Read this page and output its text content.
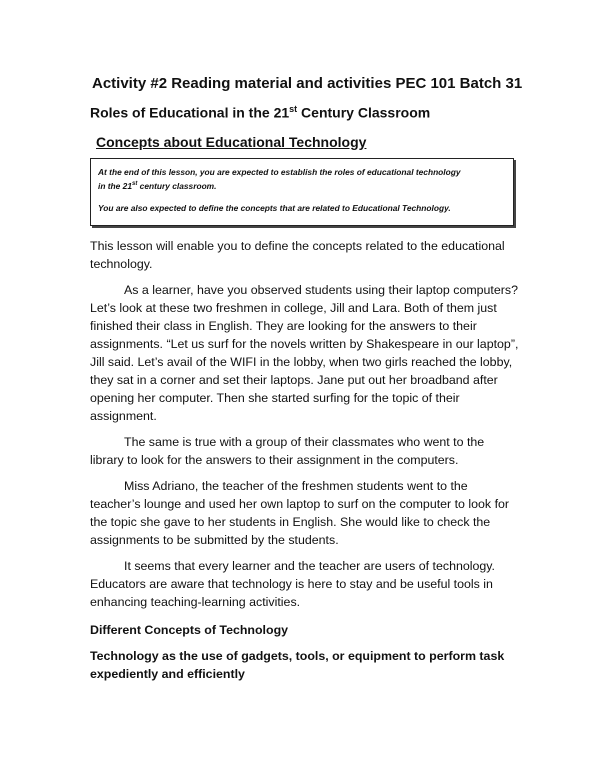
Activity #2 Reading material and activities PEC 101 Batch 31
Roles of Educational in the 21st Century Classroom
Concepts about Educational Technology
At the end of this lesson, you are expected to establish the roles of educational technology
in the 21st century classroom.
You are also expected to define the concepts that are related to Educational Technology.
This lesson will enable you to define the concepts related to the educational
technology.
As a learner, have you observed students using their laptop computers?
Let’s look at these two freshmen in college, Jill and Lara. Both of them just
finished their class in English. They are looking for the answers to their
assignments. “Let us surf for the novels written by Shakespeare in our laptop”,
Jill said. Let’s avail of the WIFI in the lobby, when two girls reached the lobby,
they sat in a corner and set their laptops. Jane put out her broadband after
opening her computer. Then she started surfing for the topic of their
assignment.
The same is true with a group of their classmates who went to the
library to look for the answers to their assignment in the computers.
Miss Adriano, the teacher of the freshmen students went to the
teacher’s lounge and used her own laptop to surf on the computer to look for
the topic she gave to her students in English. She would like to check the
assignments to be submitted by the students.
It seems that every learner and the teacher are users of technology.
Educators are aware that technology is here to stay and be useful tools in
enhancing teaching-learning activities.
Different Concepts of Technology
Technology as the use of gadgets, tools, or equipment to perform task
expediently and efficiently
